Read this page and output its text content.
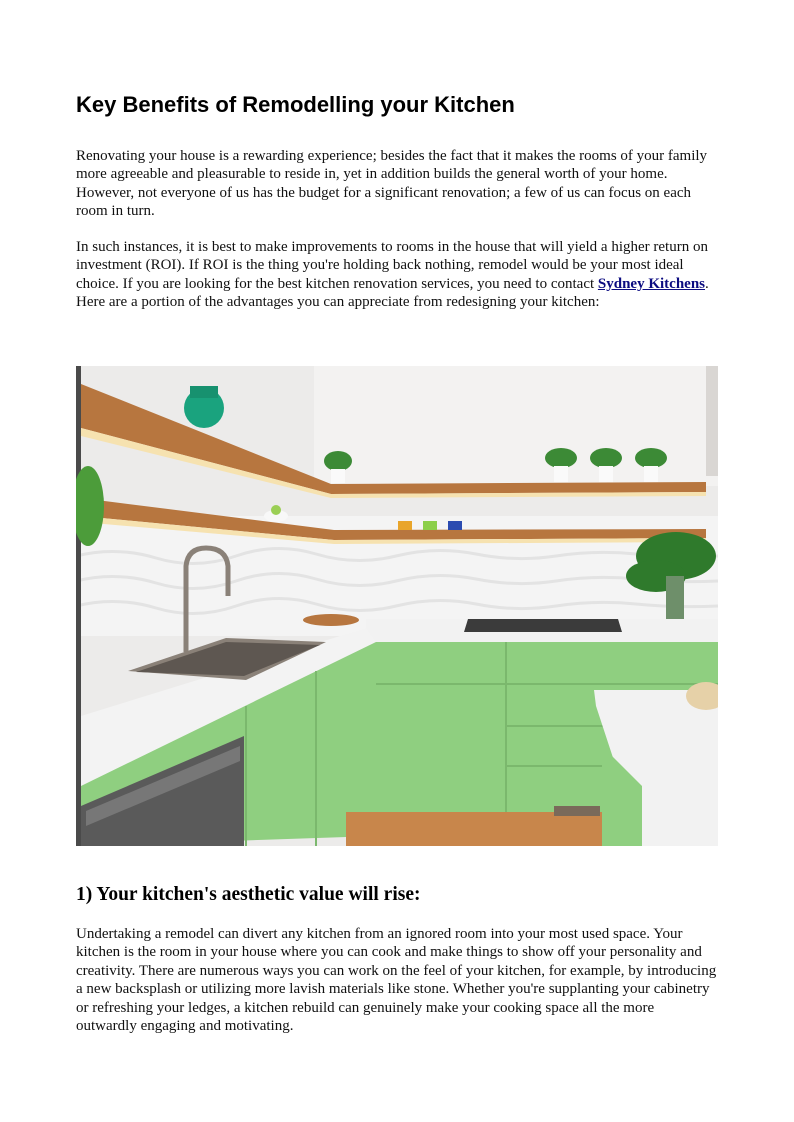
Key Benefits of Remodelling your Kitchen

Renovating your house is a rewarding experience; besides the fact that it makes the rooms of your family more agreeable and pleasurable to reside in, yet in addition builds the general worth of your home. However, not everyone of us has the budget for a significant renovation; a few of us can focus on each room in turn.

In such instances, it is best to make improvements to rooms in the house that will yield a higher return on investment (ROI). If ROI is the thing you're holding back nothing, remodel would be your most ideal choice. If you are looking for the best kitchen renovation services, you need to contact Sydney Kitchens. Here are a portion of the advantages you can appreciate from redesigning your kitchen:

1) Your kitchen's aesthetic value will rise:

Undertaking a remodel can divert any kitchen from an ignored room into your most used space. Your kitchen is the room in your house where you can cook and make things to show off your personality and creativity. There are numerous ways you can work on the feel of your kitchen, for example, by introducing a new backsplash or utilizing more lavish materials like stone. Whether you're supplanting your cabinetry or refreshing your ledges, a kitchen rebuild can genuinely make your cooking space all the more outwardly engaging and motivating.
